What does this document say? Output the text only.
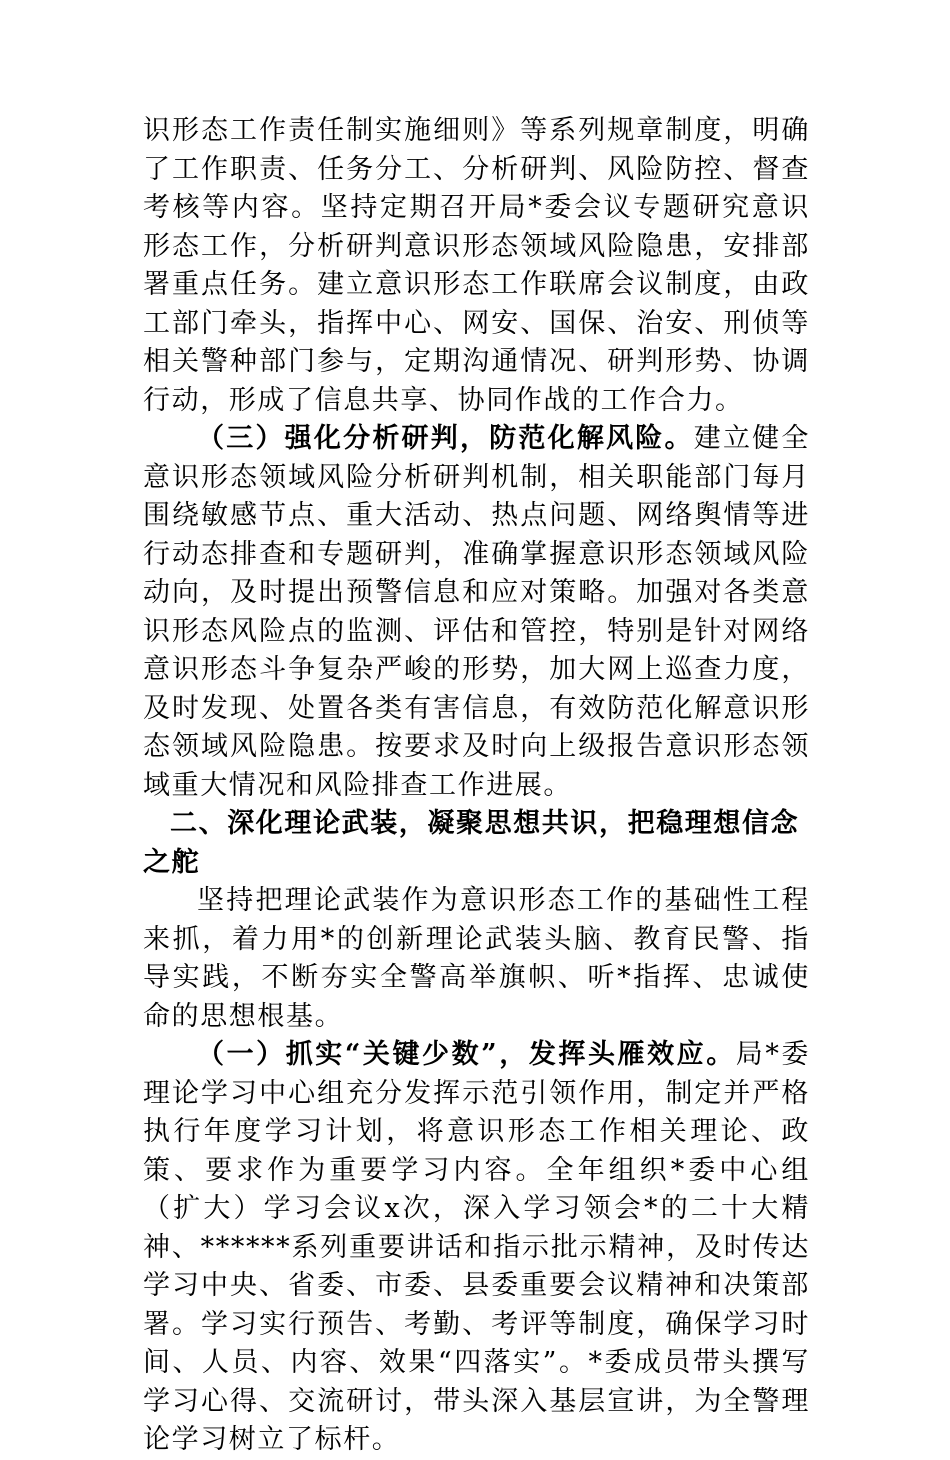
识形态工作责任制实施细则》等系列规章制度，明确了工作职责、任务分工、分析研判、风险防控、督查考核等内容。坚持定期召开局*委会议专题研究意识形态工作，分析研判意识形态领域风险隐患，安排部署重点任务。建立意识形态工作联席会议制度，由政工部门牵头，指挥中心、网安、国保、治安、刑侦等相关警种部门参与，定期沟通情况、研判形势、协调行动，形成了信息共享、协同作战的工作合力。

（三）强化分析研判，防范化解风险。建立健全意识形态领域风险分析研判机制，相关职能部门每月围绕敏感节点、重大活动、热点问题、网络舆情等进行动态排查和专题研判，准确掌握意识形态领域风险动向，及时提出预警信息和应对策略。加强对各类意识形态风险点的监测、评估和管控，特别是针对网络意识形态斗争复杂严峻的形势，加大网上巡查力度，及时发现、处置各类有害信息，有效防范化解意识形态领域风险隐患。按要求及时向上级报告意识形态领域重大情况和风险排查工作进展。

二、深化理论武装，凝聚思想共识，把稳理想信念之舵

坚持把理论武装作为意识形态工作的基础性工程来抓，着力用*的创新理论武装头脑、教育民警、指导实践，不断夯实全警高举旗帜、听*指挥、忠诚使命的思想根基。

（一）抓实“关键少数”，发挥头雁效应。局*委理论学习中心组充分发挥示范引领作用，制定并严格执行年度学习计划，将意识形态工作相关理论、政策、要求作为重要学习内容。全年组织*委中心组（扩大）学习会议x次，深入学习领会*的二十大精神、******系列重要讲话和指示批示精神，及时传达学习中央、省委、市委、县委重要会议精神和决策部署。学习实行预告、考勤、考评等制度，确保学习时间、人员、内容、效果“四落实”。*委成员带头撰写学习心得、交流研讨，带头深入基层宣讲，为全警理论学习树立了标杆。
